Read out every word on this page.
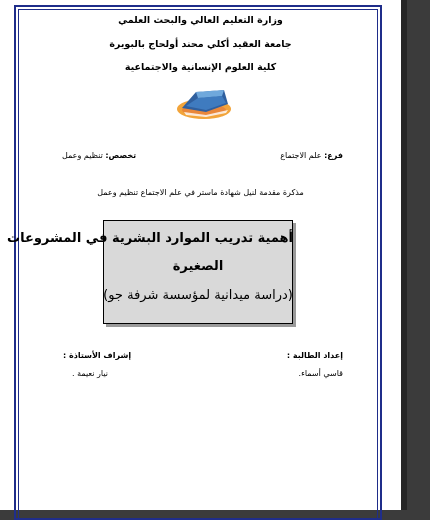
وزارة التعليم العالي والبحث العلمي
جامعة العقيد أكلي محند أولحاج بالبويرة
كلية العلوم الإنسانية والاجتماعية
فرع: علم الاجتماع
تخصص: تنظيم وعمل
مذكرة مقدمة لنيل شهادة ماستر في علم الاجتماع تنظيم وعمل
أهمية تدريب الموارد البشرية في المشروعات
الصغيرة
(دراسة ميدانية لمؤسسة شرفة جو)
إعداد الطالبة :
قاسي أسماء.
إشراف الأستاذة :
نيار نعيمة .
